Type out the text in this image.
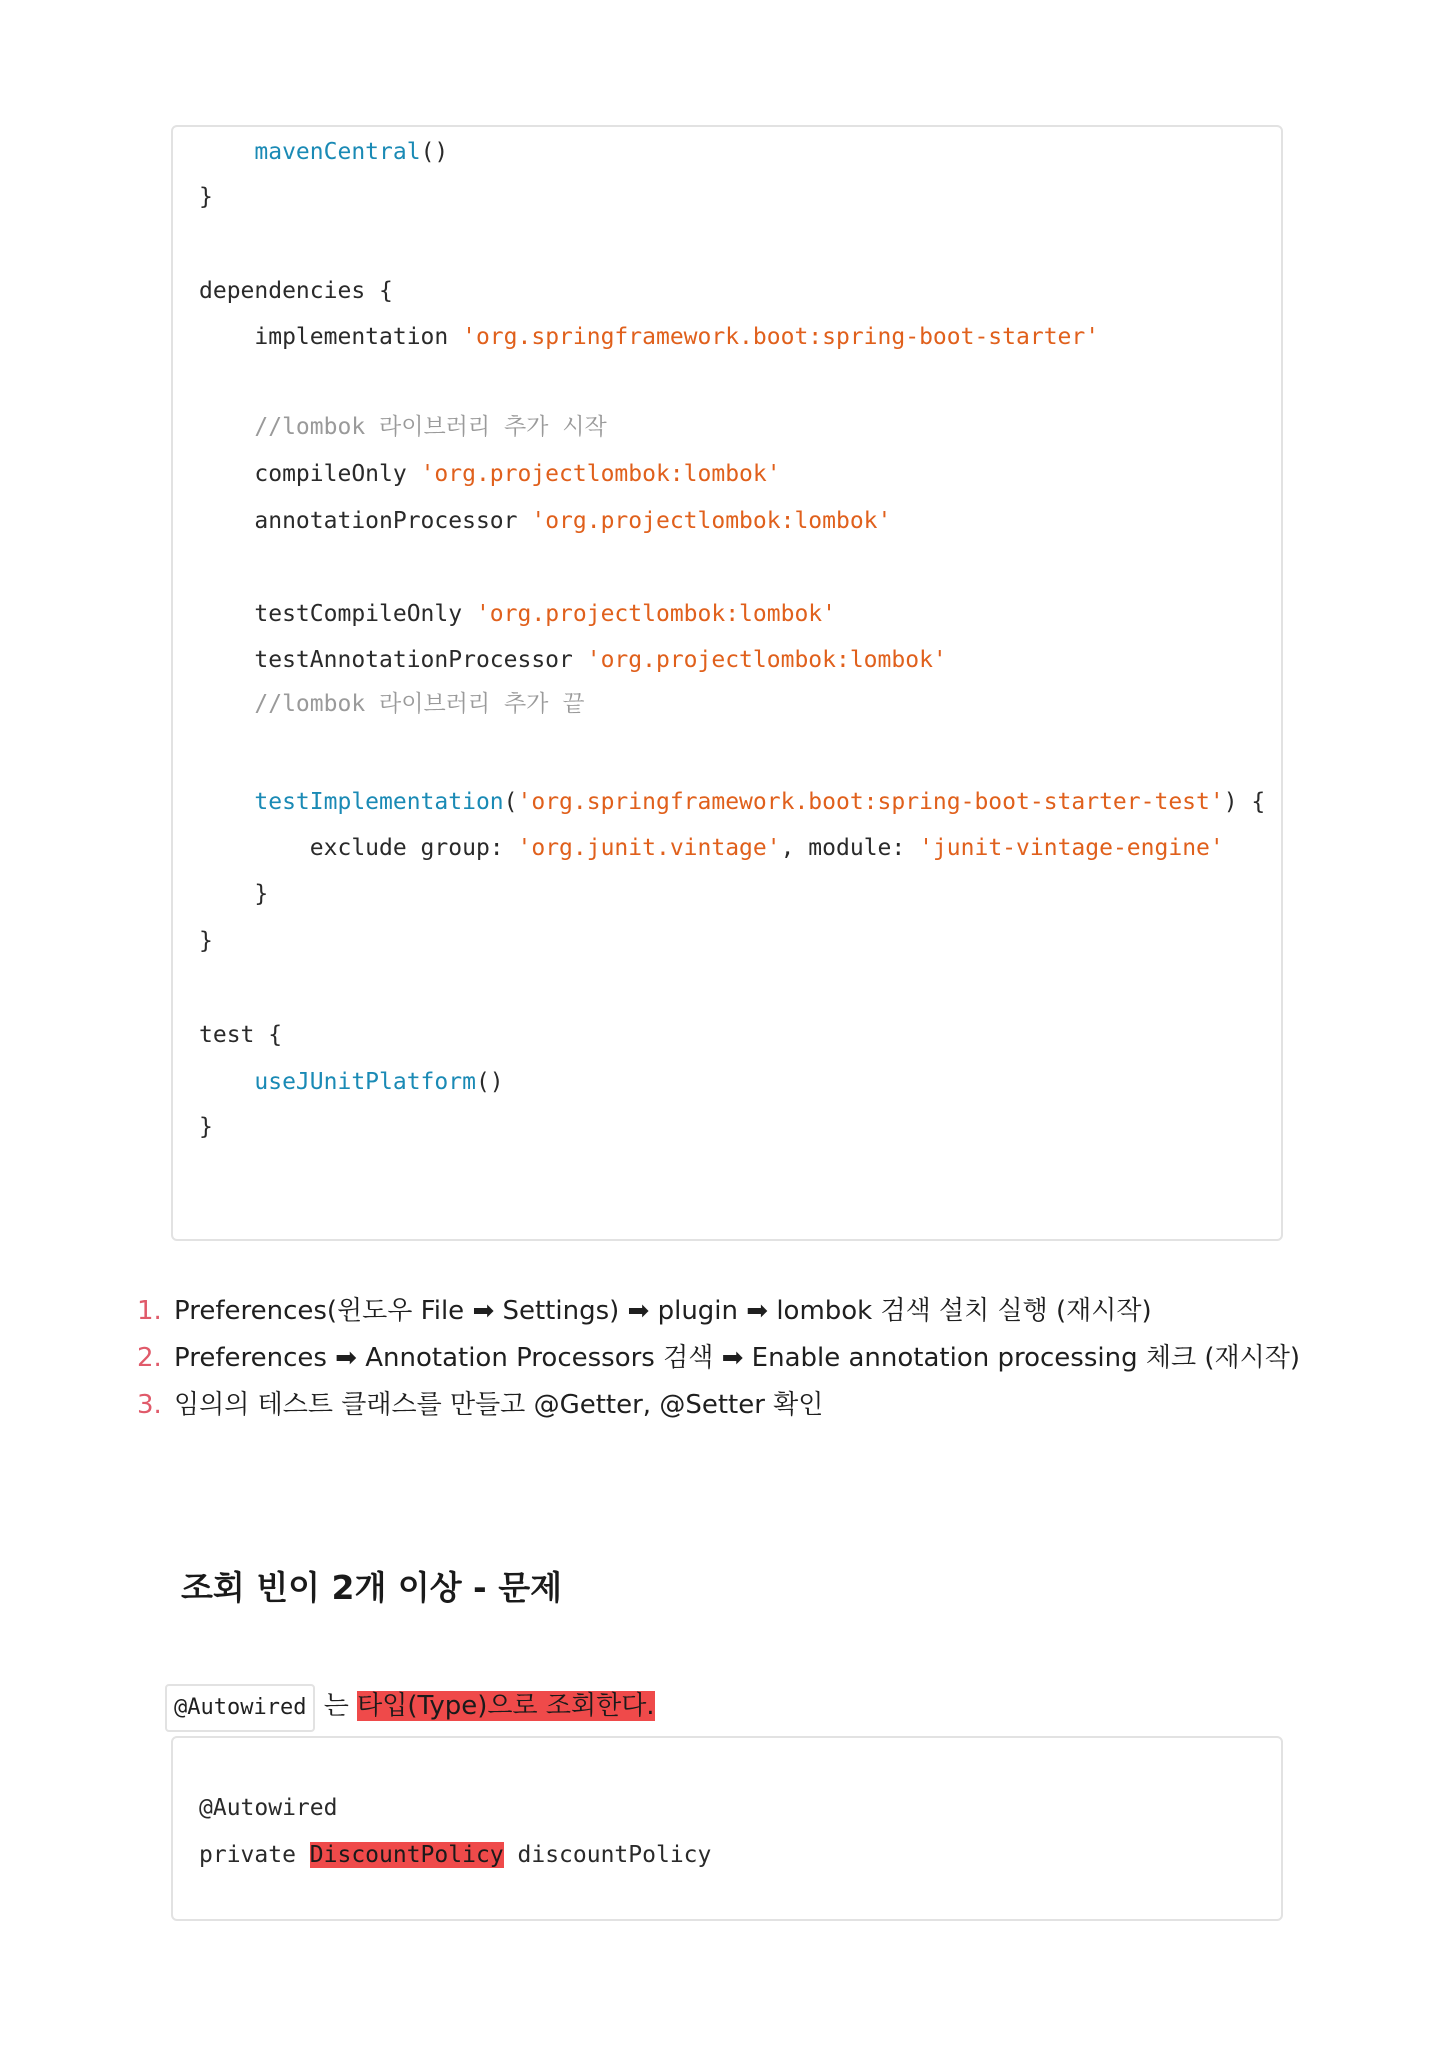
mavenCentral()
}
dependencies {
implementation 'org.springframework.boot:spring-boot-starter'
//lombok 라이브러리 추가 시작
compileOnly 'org.projectlombok:lombok'
annotationProcessor 'org.projectlombok:lombok'
testCompileOnly 'org.projectlombok:lombok'
testAnnotationProcessor 'org.projectlombok:lombok'
//lombok 라이브러리 추가 끝
testImplementation('org.springframework.boot:spring-boot-starter-test') {
exclude group: 'org.junit.vintage', module: 'junit-vintage-engine'
}
}
test {
useJUnitPlatform()
}
1. Preferences(윈도우 File ➡ Settings) ➡ plugin ➡ lombok 검색 설치 실행 (재시작)
2. Preferences ➡ Annotation Processors 검색 ➡ Enable annotation processing 체크 (재시작)
3. 임의의 테스트 클래스를 만들고 @Getter, @Setter 확인
조회 빈이 2개 이상 - 문제
@Autowired 는 타입(Type)으로 조회한다.
@Autowired
private DiscountPolicy discountPolicy
